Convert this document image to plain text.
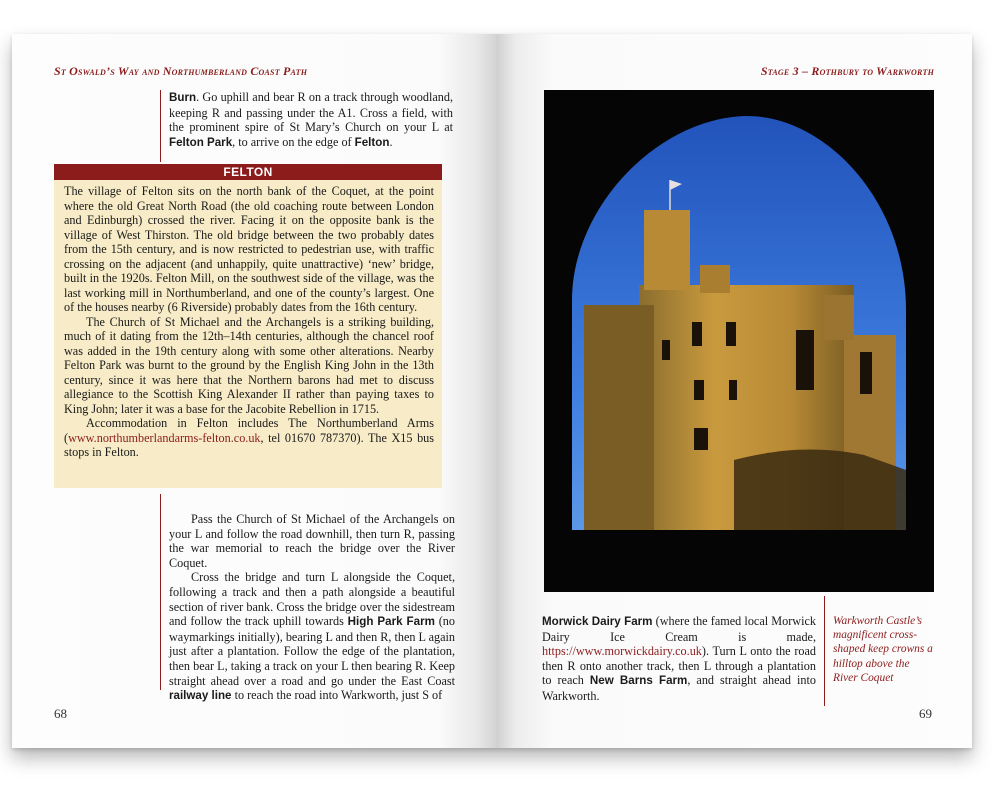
St Oswald’s Way and Northumberland Coast Path
Burn. Go uphill and bear R on a track through woodland, keeping R and passing under the A1. Cross a field, with the prominent spire of St Mary’s Church on your L at Felton Park, to arrive on the edge of Felton.
FELTON

The village of Felton sits on the north bank of the Coquet, at the point where the old Great North Road (the old coaching route between London and Edinburgh) crossed the river. Facing it on the opposite bank is the village of West Thirston. The old bridge between the two probably dates from the 15th century, and is now restricted to pedestrian use, with traffic crossing on the adjacent (and unhappily, quite unattractive) ‘new’ bridge, built in the 1920s. Felton Mill, on the southwest side of the village, was the last working mill in Northumberland, and one of the county’s largest. One of the houses nearby (6 Riverside) probably dates from the 16th century.

The Church of St Michael and the Archangels is a striking building, much of it dating from the 12th–14th centuries, although the chancel roof was added in the 19th century along with some other alterations. Nearby Felton Park was burnt to the ground by the English King John in the 13th century, since it was here that the Northern barons had met to discuss allegiance to the Scottish King Alexander II rather than paying taxes to King John; later it was a base for the Jacobite Rebellion in 1715.

Accommodation in Felton includes The Northumberland Arms (www.northumberlandarms-felton.co.uk, tel 01670 787370). The X15 bus stops in Felton.

Pass the Church of St Michael of the Archangels on your L and follow the road downhill, then turn R, passing the war memorial to reach the bridge over the River Coquet.

Cross the bridge and turn L alongside the Coquet, following a track and then a path alongside a beautiful section of river bank. Cross the bridge over the sidestream and follow the track uphill towards High Park Farm (no waymarkings initially), bearing L and then R, then L again just after a plantation. Follow the edge of the plantation, then bear L, taking a track on your L then bearing R. Keep straight ahead over a road and go under the East Coast railway line to reach the road into Warkworth, just S of

68
Stage 3 – Rothbury to Warkworth
Morwick Dairy Farm (where the famed local Morwick Dairy Ice Cream is made, https://www.morwickdairy.co.uk). Turn L onto the road then R onto another track, then L through a plantation to reach New Barns Farm, and straight ahead into Warkworth.
Warkworth Castle’s magnificent cross-shaped keep crowns a hilltop above the River Coquet
69
